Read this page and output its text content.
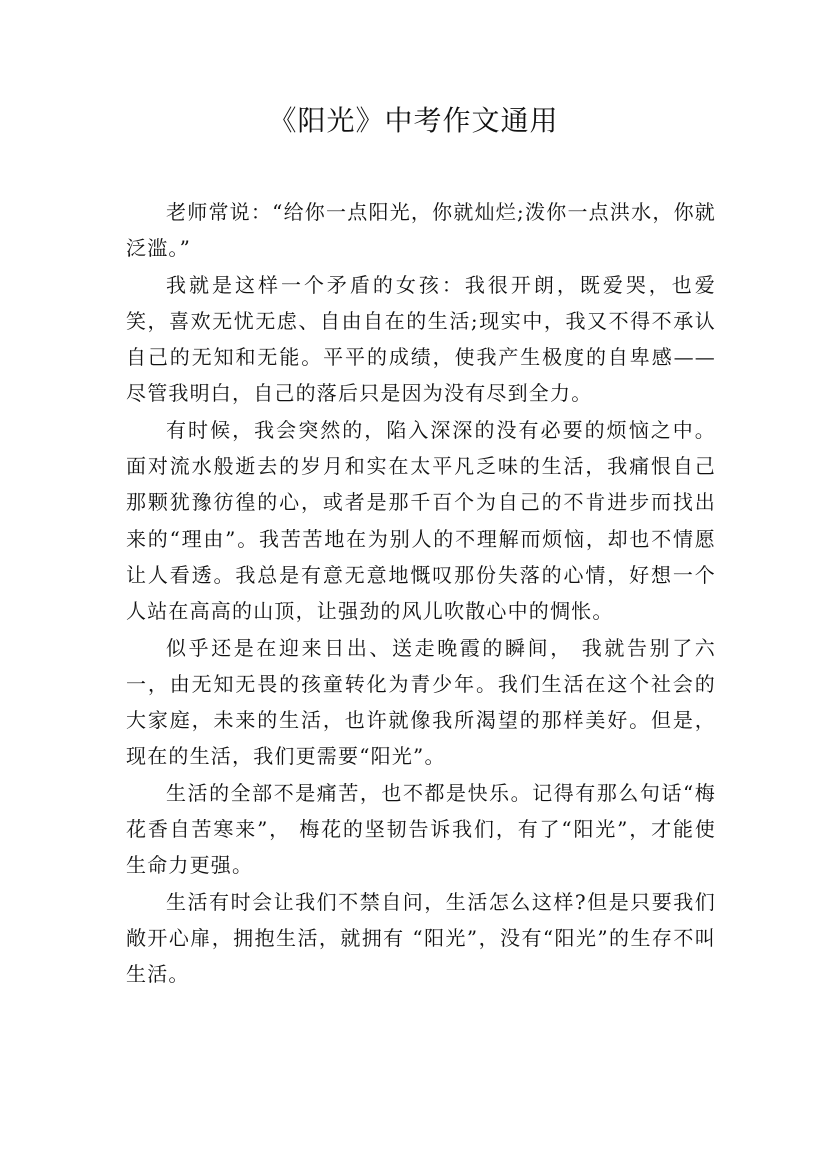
《阳光》中考作文通用

老师常说：“给你一点阳光，你就灿烂;泼你一点洪水，你就泛滥。”

我就是这样一个矛盾的女孩：我很开朗，既爱哭，也爱笑，喜欢无忧无虑、自由自在的生活;现实中，我又不得不承认自己的无知和无能。平平的成绩，使我产生极度的自卑感——尽管我明白，自己的落后只是因为没有尽到全力。

有时候，我会突然的，陷入深深的没有必要的烦恼之中。面对流水般逝去的岁月和实在太平凡乏味的生活，我痛恨自己那颗犹豫彷徨的心，或者是那千百个为自己的不肯进步而找出来的“理由”。我苦苦地在为别人的不理解而烦恼，却也不情愿让人看透。我总是有意无意地慨叹那份失落的心情，好想一个人站在高高的山顶，让强劲的风儿吹散心中的惆怅。

似乎还是在迎来日出、送走晚霞的瞬间， 我就告别了六一，由无知无畏的孩童转化为青少年。我们生活在这个社会的大家庭，未来的生活，也许就像我所渴望的那样美好。但是，现在的生活，我们更需要“阳光”。

生活的全部不是痛苦，也不都是快乐。记得有那么句话“梅花香自苦寒来”， 梅花的坚韧告诉我们，有了“阳光”，才能使生命力更强。

生活有时会让我们不禁自问，生活怎么这样?但是只要我们敞开心扉，拥抱生活，就拥有 “阳光”，没有“阳光”的生存不叫生活。
